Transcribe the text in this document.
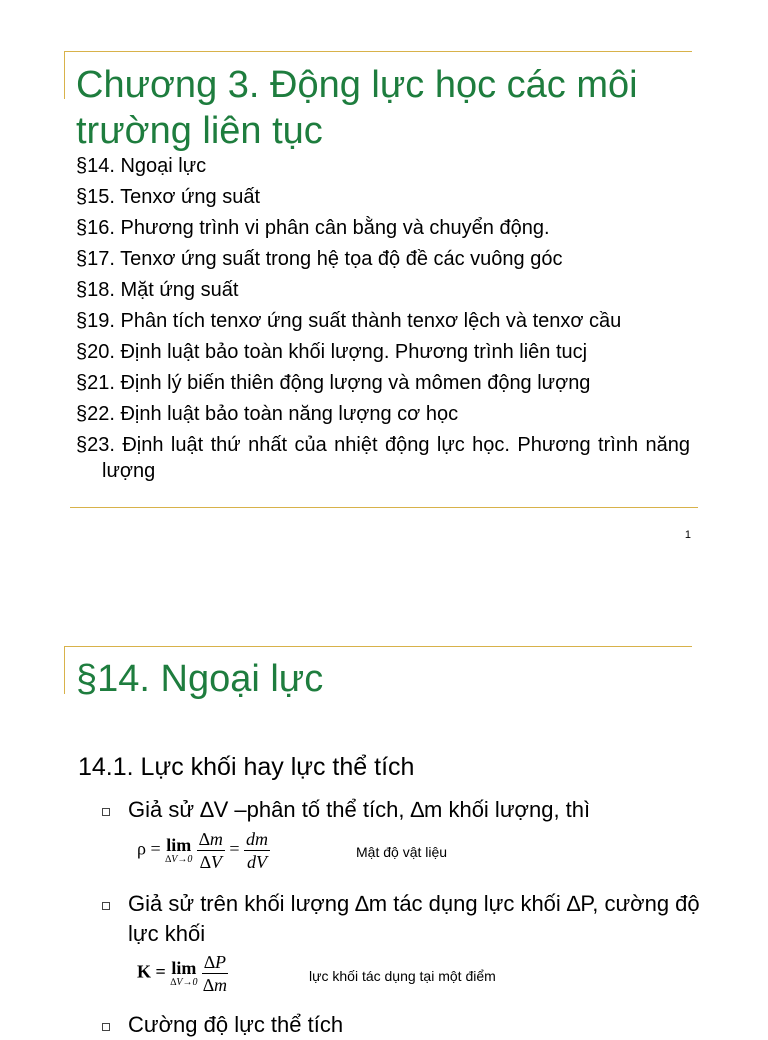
Chương 3. Động lực học các môi trường liên tục
§14. Ngoại lực
§15. Tenxơ ứng suất
§16. Phương trình vi phân cân bằng và chuyển động.
§17. Tenxơ ứng suất trong hệ tọa độ đề các vuông góc
§18. Mặt ứng suất
§19. Phân tích tenxơ ứng suất thành tenxơ lệch và tenxơ cầu
§20. Định luật bảo toàn khối lượng. Phương trình liên tucj
§21. Định lý biến thiên động lượng và mômen động lượng
§22. Định luật bảo toàn năng lượng cơ học
§23. Định luật thứ nhất của nhiệt động lực học. Phương trình năng lượng
1
§14. Ngoại lực
14.1. Lực khối hay lực thể tích
Giả sử ∆V –phân tố thể tích, ∆m khối lượng, thì
ρ = lim
∆V→0
$\frac{\Delta m}{\Delta V} = \frac{dm}{dV}$	Mật độ vật liệu
Giả sử trên khối lượng ∆m tác dụng lực khối ∆P, cường độ lực khối
K = lim
∆V→0
$\frac{\Delta P}{\Delta m}$	lực khối tác dụng tại một điểm
Cường độ lực thể tích
